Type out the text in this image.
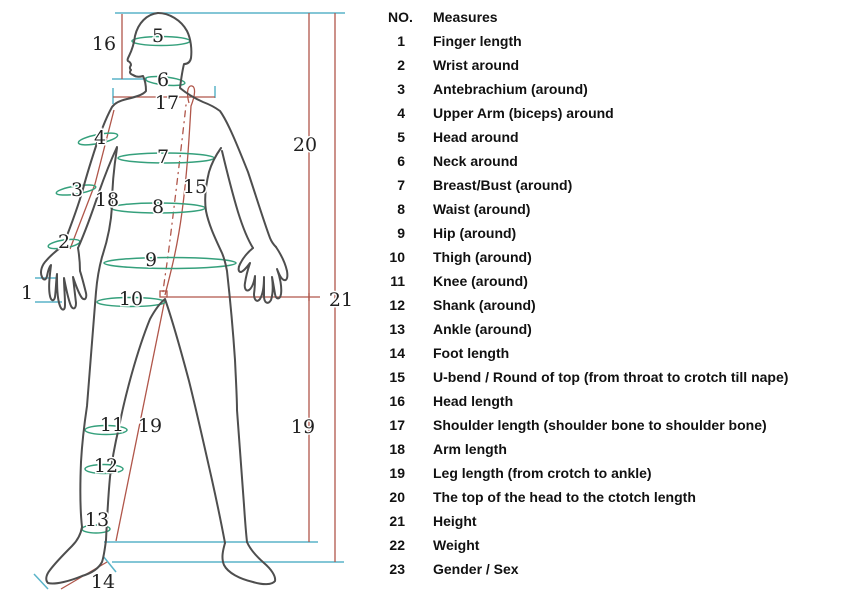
16 5
6
17
4
7
20
3 18
15
8
2
9
1	10	21
11 19
12
19
13
14
NO.	Measures
1 Finger length
2 Wrist around
3 Antebrachium (around)
4 Upper Arm (biceps) around
5 Head around
6 Neck around
7 Breast/Bust (around)
8 Waist (around)
9 Hip (around)
10 Thigh (around)
11 Knee (around)
12 Shank (around)
13 Ankle (around)
14 Foot length
15 U-bend / Round of top (from throat to crotch till nape)
16 Head length
17 Shoulder length (shoulder bone to shoulder bone)
18 Arm length
19 Leg length (from crotch to ankle)
20 The top of the head to the ctotch length
21 Height
22 Weight
23 Gender / Sex
